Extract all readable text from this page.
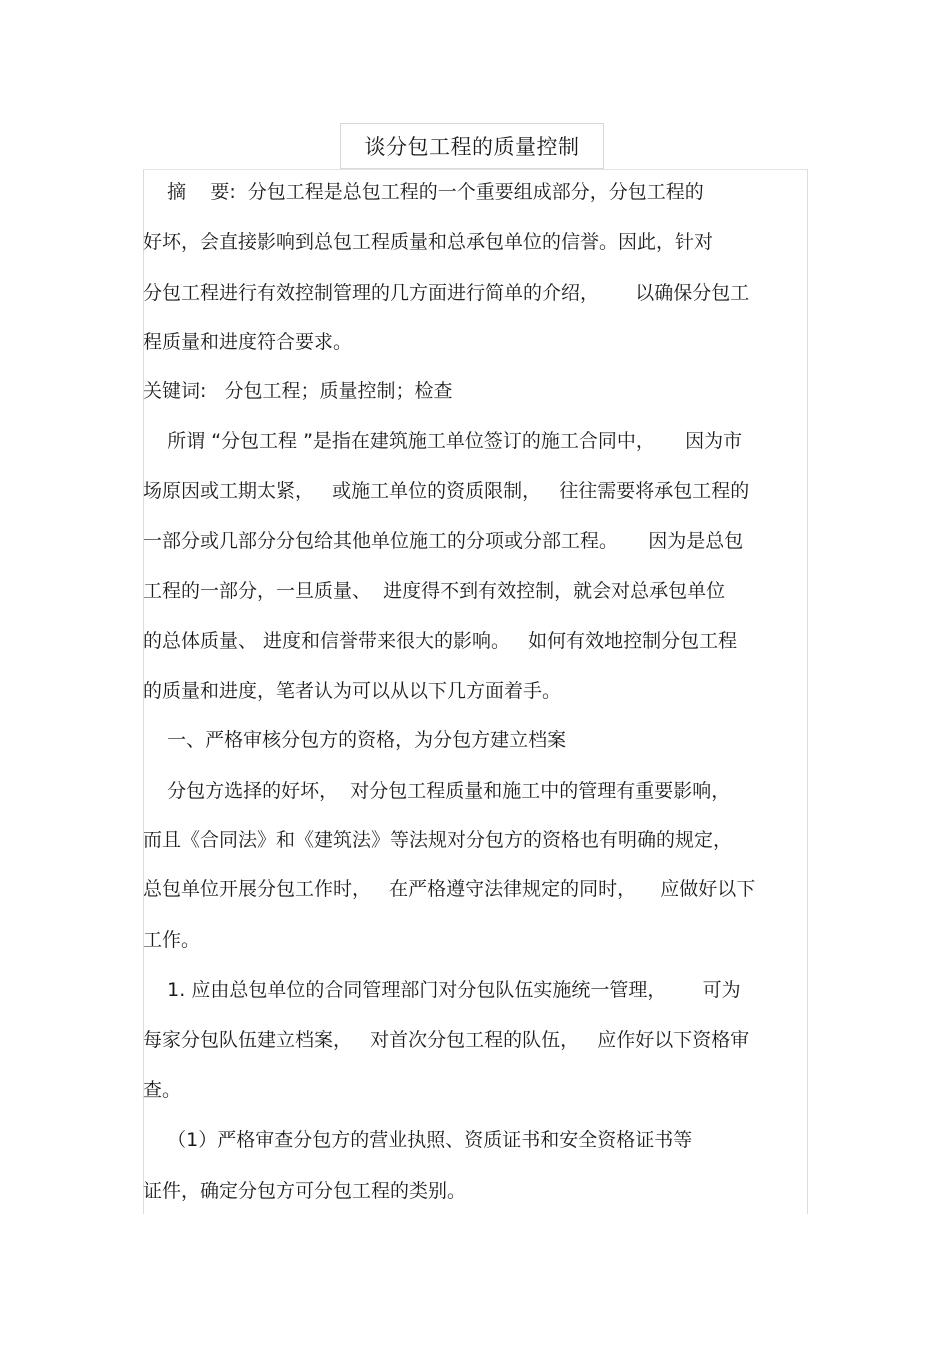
谈分包工程的质量控制
摘    要:  分包工程是总包工程的一个重要组成部分，分包工程的
好坏，会直接影响到总包工程质量和总承包单位的信誉。因此，针对
分包工程进行有效控制管理的几方面进行简单的介绍，      以确保分包工
程质量和进度符合要求。
关键词:   分包工程；质量控制；检查
所谓 “分包工程 ”是指在建筑施工单位签订的施工合同中，     因为市
场原因或工期太紧，   或施工单位的资质限制，   往往需要将承包工程的
一部分或几部分分包给其他单位施工的分项或分部工程。     因为是总包
工程的一部分，一旦质量、  进度得不到有效控制，就会对总承包单位
的总体质量、 进度和信誉带来很大的影响。   如何有效地控制分包工程
的质量和进度，笔者认为可以从以下几方面着手。
一、严格审核分包方的资格，为分包方建立档案
分包方选择的好坏，  对分包工程质量和施工中的管理有重要影响，
而且《合同法》和《建筑法》等法规对分包方的资格也有明确的规定，
总包单位开展分包工作时，   在严格遵守法律规定的同时，    应做好以下
工作。
1. 应由总包单位的合同管理部门对分包队伍实施统一管理，      可为
每家分包队伍建立档案，   对首次分包工程的队伍，   应作好以下资格审
查。
（1）严格审查分包方的营业执照、资质证书和安全资格证书等
证件，确定分包方可分包工程的类别。
